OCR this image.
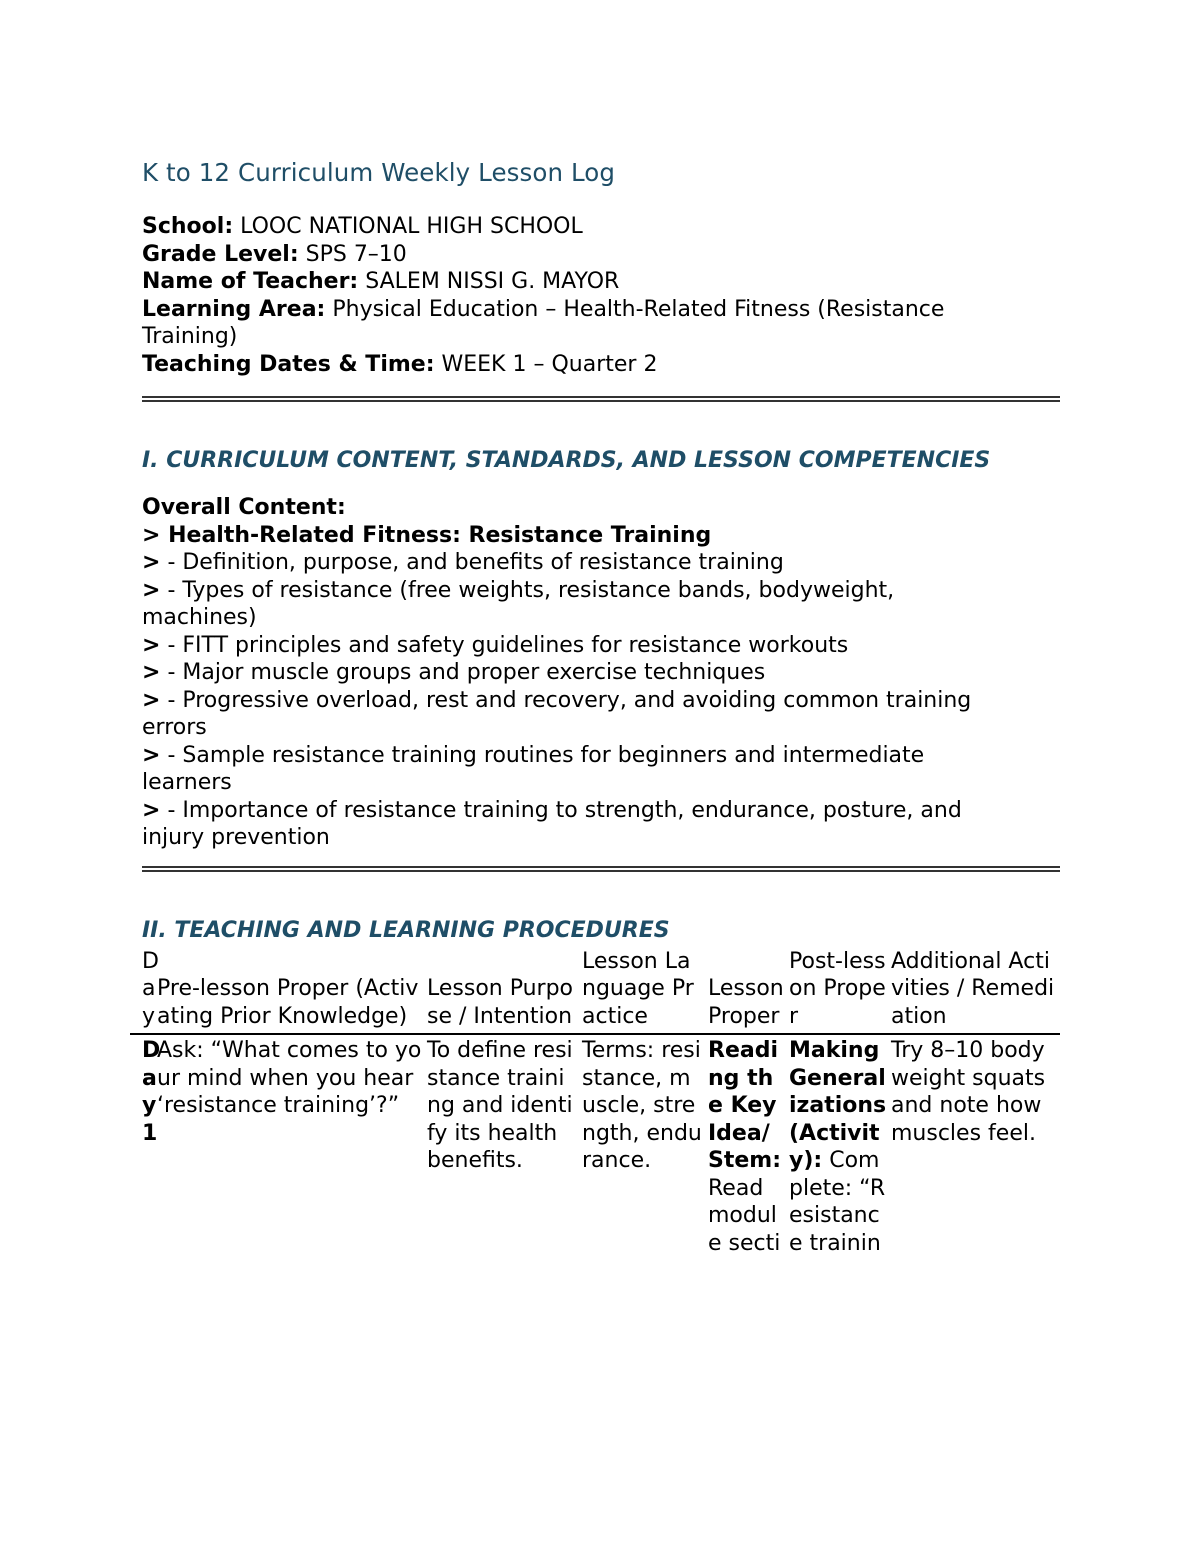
K to 12 Curriculum Weekly Lesson Log

School: LOOC NATIONAL HIGH SCHOOL

Grade Level: SPS 7–10

Name of Teacher: SALEM NISSI G. MAYOR

Learning Area: Physical Education – Health-Related Fitness (Resistance
Training)

Teaching Dates & Time: WEEK 1 – Quarter 2

I. CURRICULUM CONTENT, STANDARDS, AND LESSON COMPETENCIES

Overall Content:

> Health-Related Fitness: Resistance Training

> - Definition, purpose, and benefits of resistance training

> - Types of resistance (free weights, resistance bands, bodyweight,
machines)

> - FITT principles and safety guidelines for resistance workouts

> - Major muscle groups and proper exercise techniques

> - Progressive overload, rest and recovery, and avoiding common training
errors

> - Sample resistance training routines for beginners and intermediate
learners

> - Importance of resistance training to strength, endurance, posture, and
injury prevention

II. TEACHING AND LEARNING PROCEDURES
Day	Pre-lesson Proper (Activating Prior Knowledge)	Lesson Purpose / Intention	Lesson Language Practice	Lesson Proper	Post-lesson Proper	Additional Activities / Remediation
Day 1	Ask: “What comes to your mind when you hear ‘resistance training’?”	To define resistance training and identify its health benefits.	Terms: resistance, muscle, strength, endurance.	Reading the Key Idea/Stem: Read module secti	Making Generalizations (Activity): Complete: “Resistance trainin	Try 8–10 bodyweight squats and note how muscles feel.
